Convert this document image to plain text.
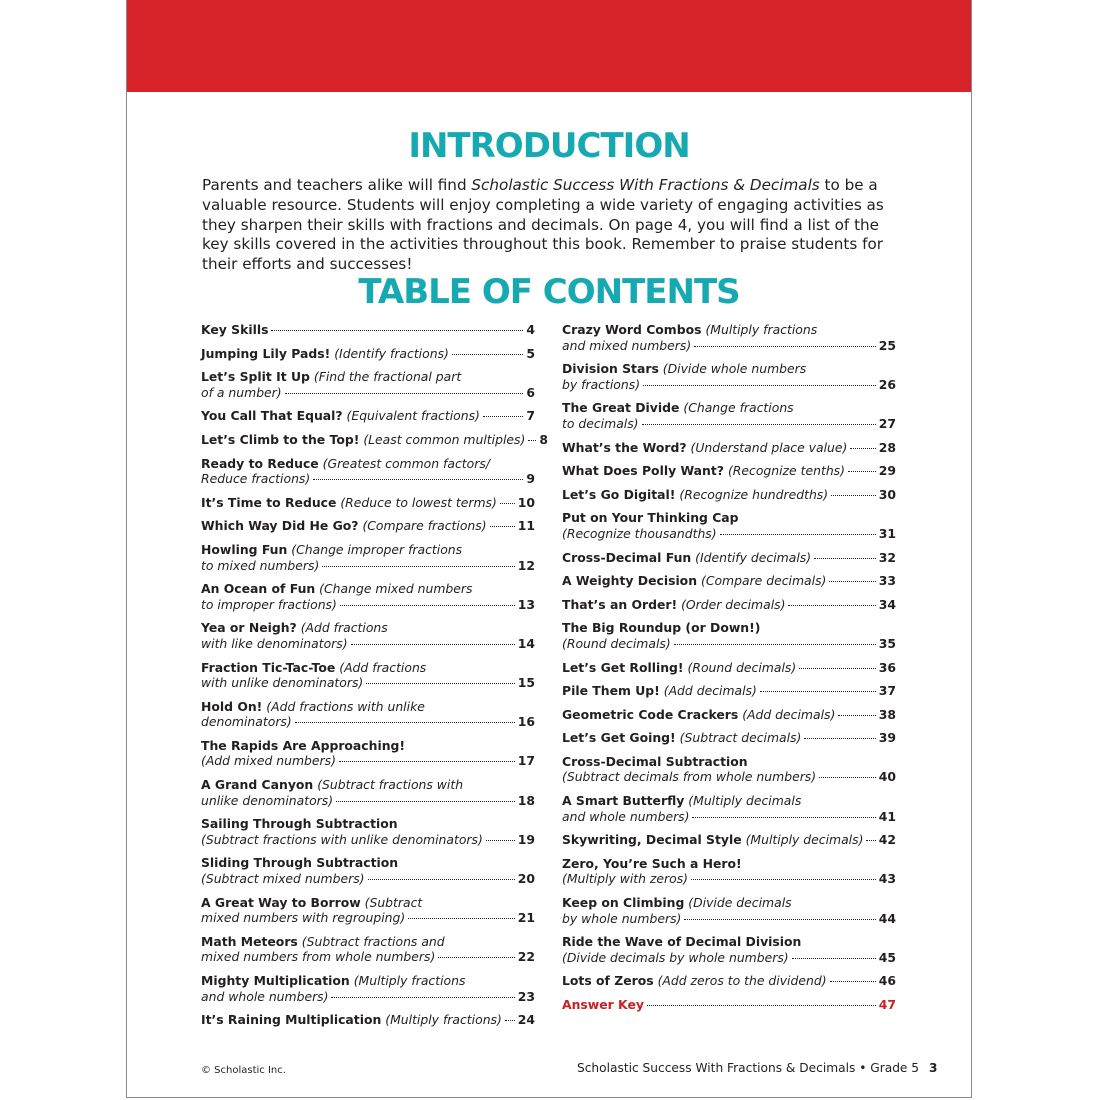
INTRODUCTION

Parents and teachers alike will find Scholastic Success With Fractions & Decimals to be a valuable resource. Students will enjoy completing a wide variety of engaging activities as they sharpen their skills with fractions and decimals. On page 4, you will find a list of the key skills covered in the activities throughout this book. Remember to praise students for their efforts and successes!

TABLE OF CONTENTS
Key Skills	4
Jumping Lily Pads!
(Identify fractions)	5
Let’s Split It Up
(Find the fractional part
of a number)	6
You Call That Equal?
(Equivalent fractions)	7
Let’s Climb to the Top!
(Least common multiples) 8
Ready to Reduce
(Greatest common factors/
Reduce fractions)	9
It’s Time to Reduce
(Reduce to lowest terms) 10
Which Way Did He Go?
(Compare fractions)	11
Howling Fun
(Change improper fractions
to mixed numbers)	12
An Ocean of Fun
(Change mixed numbers
to improper fractions)	13
Yea or Neigh?
(Add fractions
with like denominators)	14
Fraction Tic-Tac-Toe
(Add fractions
with unlike denominators)	15
Hold On!
(Add fractions with unlike
denominators)	16
The Rapids Are Approaching!
(Add mixed numbers)	17
A Grand Canyon
(Subtract fractions with
unlike denominators)	18
Sailing Through Subtraction
(Subtract fractions with unlike denominators)	19
Sliding Through Subtraction
(Subtract mixed numbers)	20
A Great Way to Borrow
(Subtract
mixed numbers with regrouping)	21
Math Meteors
(Subtract fractions and
mixed numbers from whole numbers)	22
Mighty Multiplication
(Multiply fractions
and whole numbers)	23
It’s Raining Multiplication
(Multiply fractions) 24
Crazy Word Combos
(Multiply fractions
and mixed numbers)	25
Division Stars
(Divide whole numbers
by fractions)	26
The Great Divide
(Change fractions
to decimals)	27
What’s the Word?
(Understand place value)	28
What Does Polly Want?
(Recognize tenths)	29
Let’s Go Digital!
(Recognize hundredths)	30
Put on Your Thinking Cap
(Recognize thousandths)	31
Cross-Decimal Fun
(Identify decimals)	32
A Weighty Decision
(Compare decimals)	33
That’s an Order!
(Order decimals)	34
The Big Roundup (or Down!)
(Round decimals)	35
Let’s Get Rolling!
(Round decimals)	36
Pile Them Up!
(Add decimals)	37
Geometric Code Crackers
(Add decimals)	38
Let’s Get Going!
(Subtract decimals)	39
Cross-Decimal Subtraction
(Subtract decimals from whole numbers)	40
A Smart Butterfly
(Multiply decimals
and whole numbers)	41
Skywriting, Decimal Style
(Multiply decimals) 42
Zero, You’re Such a Hero!
(Multiply with zeros)	43
Keep on Climbing
(Divide decimals
by whole numbers)	44
Ride the Wave of Decimal Division
(Divide decimals by whole numbers)	45
Lots of Zeros
(Add zeros to the dividend)	46
Answer Key	47
© Scholastic Inc.	Scholastic Success With Fractions & Decimals • Grade 5 3
